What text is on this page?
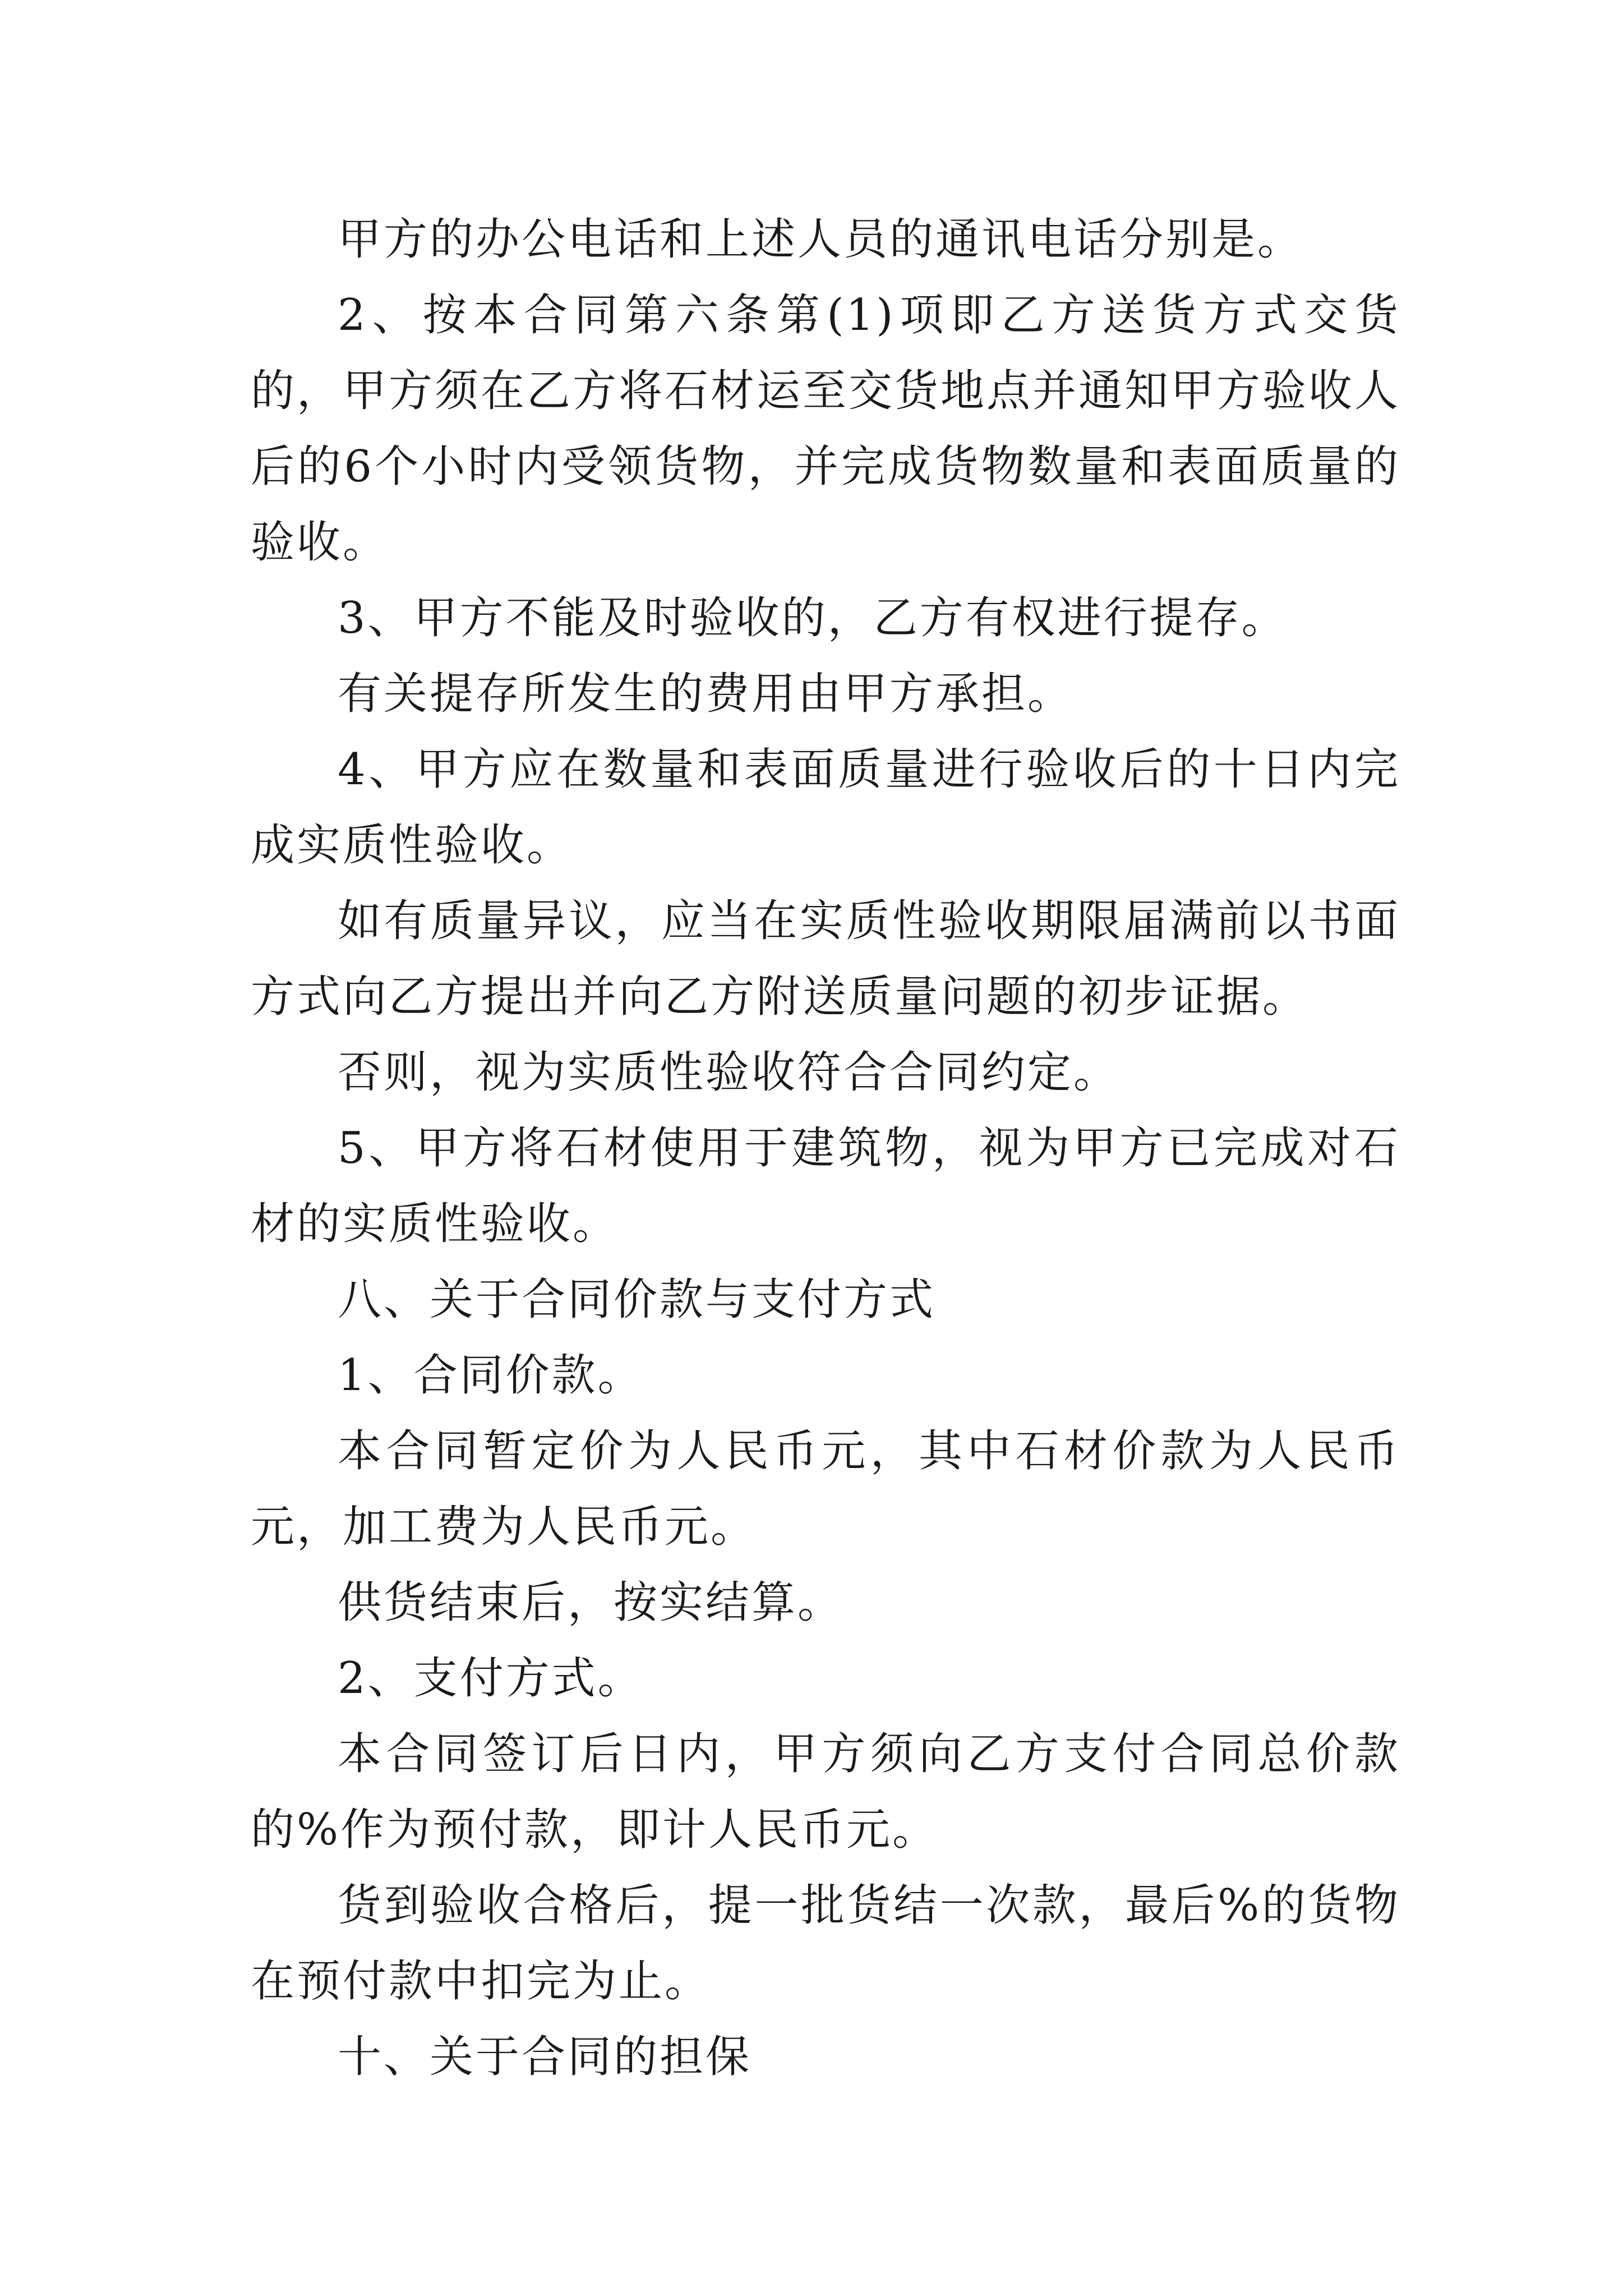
甲方的办公电话和上述人员的通讯电话分别是。

2、按本合同第六条第(1)项即乙方送货方式交货的，甲方须在乙方将石材运至交货地点并通知甲方验收人后的6个小时内受领货物，并完成货物数量和表面质量的验收。

3、甲方不能及时验收的，乙方有权进行提存。

有关提存所发生的费用由甲方承担。

4、甲方应在数量和表面质量进行验收后的十日内完成实质性验收。

如有质量异议，应当在实质性验收期限届满前以书面方式向乙方提出并向乙方附送质量问题的初步证据。

否则，视为实质性验收符合合同约定。

5、甲方将石材使用于建筑物，视为甲方已完成对石材的实质性验收。

八、关于合同价款与支付方式

1、合同价款。

本合同暂定价为人民币元，其中石材价款为人民币元，加工费为人民币元。

供货结束后，按实结算。

2、支付方式。

本合同签订后日内，甲方须向乙方支付合同总价款的%作为预付款，即计人民币元。

货到验收合格后，提一批货结一次款，最后%的货物在预付款中扣完为止。

十、关于合同的担保
